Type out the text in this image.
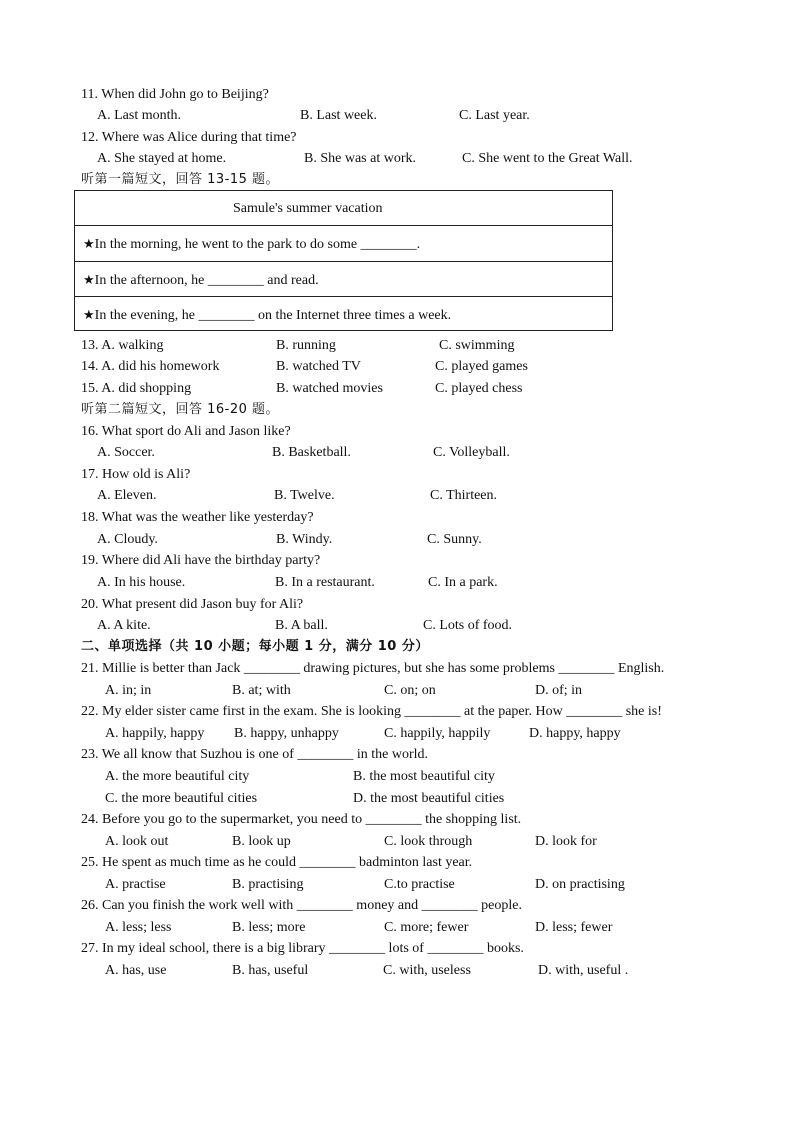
11. When did John go to Beijing?
A. Last month.	B. Last week.	C. Last year.
12. Where was Alice during that time?
A. She stayed at home.	B. She was at work.	C. She went to the Great Wall.
听第一篇短文，回答 13-15 题。
Samule's summer vacation
★In the morning, he went to the park to do some ________.
★In the afternoon, he ________ and read.
★In the evening, he ________ on the Internet three times a week.
13. A. walking	B. running	C. swimming
14. A. did his homework	B. watched TV	C. played games
15. A. did shopping	B. watched movies	C. played chess
听第二篇短文，回答 16-20 题。
16. What sport do Ali and Jason like?
A. Soccer.	B. Basketball.	C. Volleyball.
17. How old is Ali?
A. Eleven.	B. Twelve.	C. Thirteen.
18. What was the weather like yesterday?
A. Cloudy.	B. Windy.	C. Sunny.
19. Where did Ali have the birthday party?
A. In his house.	B. In a restaurant.	C. In a park.
20. What present did Jason buy for Ali?
A. A kite.	B. A ball.	C. Lots of food.
二、单项选择（共 10 小题；每小题 1 分，满分 10 分）
21. Millie is better than Jack ________ drawing pictures, but she has some problems ________ English.
A. in; in	B. at; with	C. on; on	D. of; in
22. My elder sister came first in the exam. She is looking ________ at the paper. How ________ she is!
A. happily, happy B. happy, unhappy	C. happily, happily	D. happy, happy
23. We all know that Suzhou is one of ________ in the world.
A. the more beautiful city	B. the most beautiful city
C. the more beautiful cities	D. the most beautiful cities
24. Before you go to the supermarket, you need to ________ the shopping list.
A. look out	B. look up	C. look through	D. look for
25. He spent as much time as he could ________ badminton last year.
A. practise	B. practising	C.to practise	D. on practising
26. Can you finish the work well with ________ money and ________ people.
A. less; less	B. less; more	C. more; fewer	D. less; fewer
27. In my ideal school, there is a big library ________ lots of ________ books.
A. has, use	B. has, useful	C. with, useless	D. with, useful .
